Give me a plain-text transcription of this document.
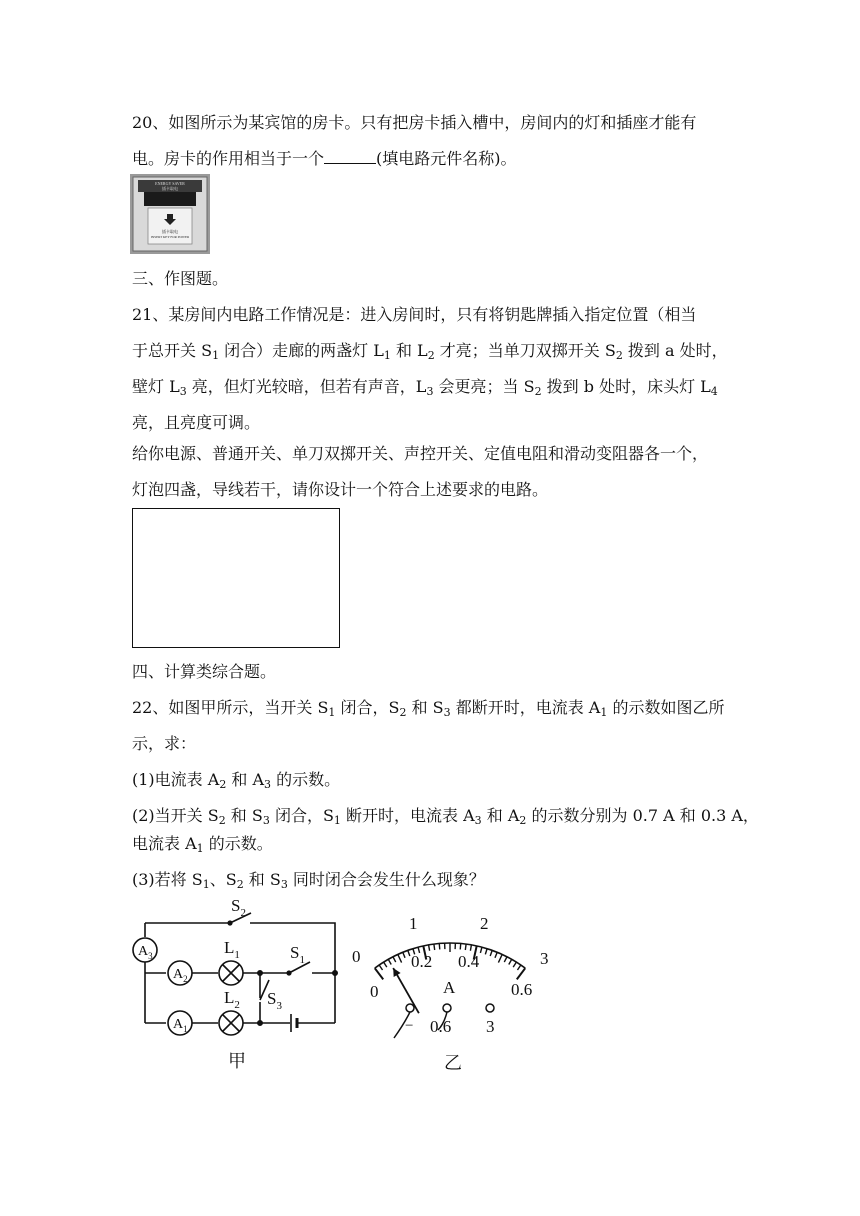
20、如图所示为某宾馆的房卡。只有把房卡插入槽中，房间内的灯和插座才能有
电。房卡的作用相当于一个	(填电路元件名称)。
ENERGY SAVER
插卡取电
插卡取电
INSERT KEY FOR POWER
三、作图题。
21、某房间内电路工作情况是：进入房间时，只有将钥匙牌插入指定位置（相当
于总开关 $S_1$ 闭合）走廊的两盏灯 $L_1$ 和 $L_2$ 才亮；当单刀双掷开关 $S_2$ 拨到 a 处时，
壁灯 $L_3$ 亮，但灯光较暗，但若有声音，$L_3$ 会更亮；当 $S_2$ 拨到 b 处时，床头灯 $L_4$
亮，且亮度可调。
给你电源、普通开关、单刀双掷开关、声控开关、定值电阻和滑动变阻器各一个，
灯泡四盏，导线若干，请你设计一个符合上述要求的电路。
四、计算类综合题。
22、如图甲所示，当开关 $S_1$ 闭合，$S_2$ 和 $S_3$ 都断开时，电流表 $A_1$ 的示数如图乙所
示，求：
(1)电流表 $A_2$ 和 $A_3$ 的示数。
(2)当开关 $S_2$ 和 $S_3$ 闭合，$S_1$ 断开时，电流表 $A_3$ 和 $A_2$ 的示数分别为 0.7 A 和 0.3 A，
电流表 $A_1$ 的示数。
(3)若将 $S_1$、$S_2$ 和 $S_3$ 同时闭合会发生什么现象？
$S_2$
$A_3$
$A_2$
$A_1$
$L_1$
$L_2$
$S_1$
$S_3$
甲
0
1	2
3
0
0.2 0.4
0.6
A
− 0.6 3
乙
